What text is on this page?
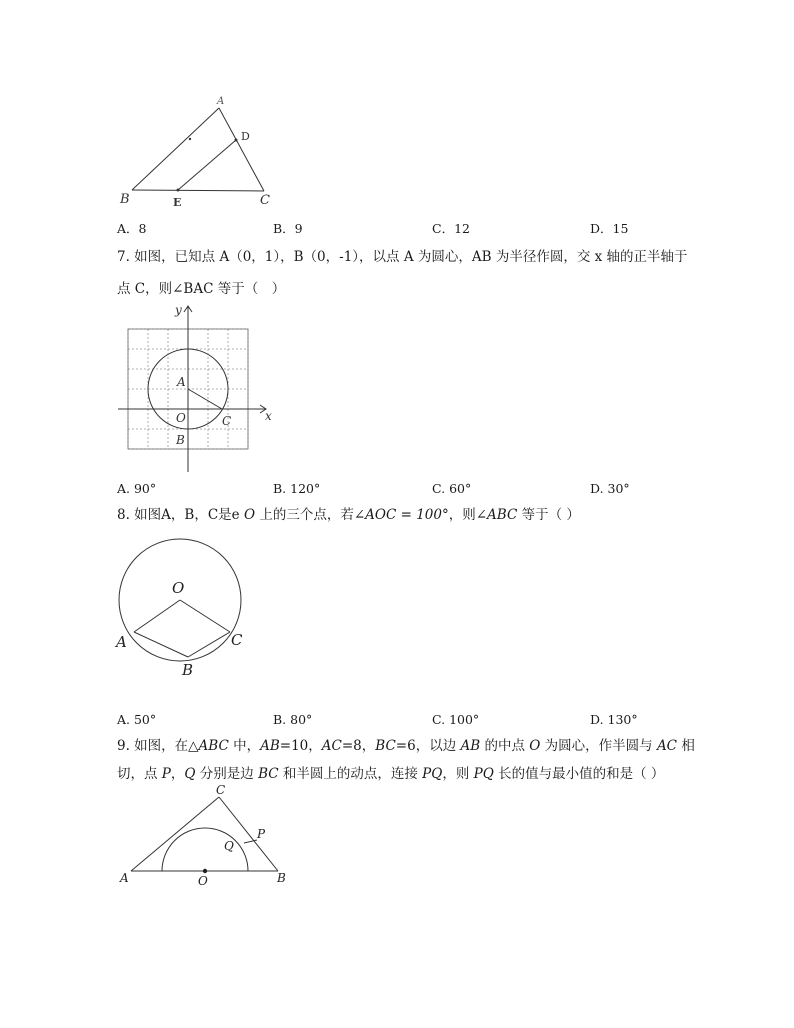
A
D
B	E	C
A．8	B．9	C．12	D．15
7. 如图，已知点 A（0，1），B（0，-1），以点 A 为圆心，AB 为半径作圆，交 x 轴的正半轴于
点 C，则∠BAC 等于（　）
y
x
A
O	C
B
A. 90°	B. 120°	C. 60°	D. 30°
8. 如图A，B，C是e O 上的三个点，若∠AOC = 100°，则∠ABC 等于（ ）
O
A	C
B
A. 50°	B. 80°	C. 100°	D. 130°
9. 如图，在△ABC 中，AB=10，AC=8，BC=6，以边 AB 的中点 O 为圆心，作半圆与 AC 相
切，点 P，Q 分别是边 BC 和半圆上的动点，连接 PQ，则 PQ 长的值与最小值的和是（ ）
C
P
Q
A	O	B
